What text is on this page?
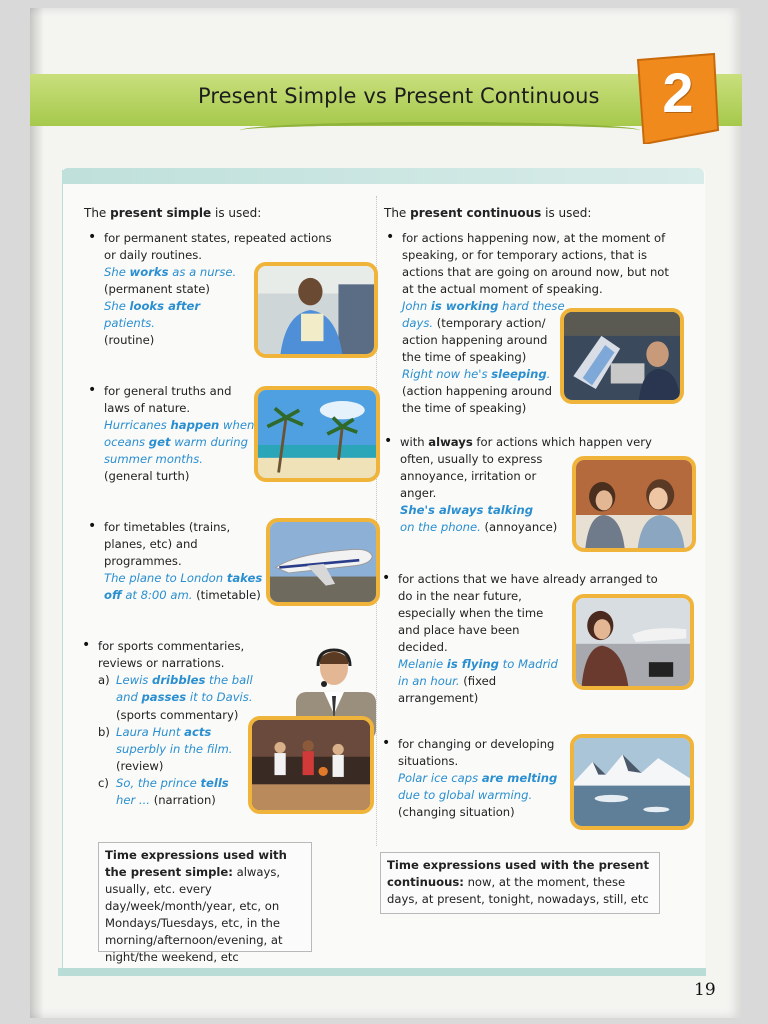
Present Simple vs Present Continuous 2
The present simple is used:
• for permanent states, repeated actions or daily routines.
She works as a nurse.
(permanent state)
She looks after
patients.
(routine)
• for general truths and laws of nature.
Hurricanes happen when
oceans get warm during
summer months.
(general turth)
• for timetables (trains,
planes, etc) and
programmes.
The plane to London takes
off at 8:00 am. (timetable)
• for sports commentaries,
reviews or narrations.
a) Lewis dribbles the ball
and passes it to Davis.
(sports commentary)
b) Laura Hunt acts
superbly in the film.
(review)
c) So, the prince tells
her ... (narration)
Time expressions used with the present simple: always, usually, etc. every day/week/month/year, etc, on Mondays/Tuesdays, etc, in the morning/afternoon/evening, at night/the weekend, etc
The present continuous is used:
• for actions happening now, at the moment of
speaking, or for temporary actions, that is
actions that are going on around now, but not
at the actual moment of speaking.
John is working hard these
days. (temporary action/
action happening around
the time of speaking)
Right now he's sleeping.
(action happening around
the time of speaking)
• with always for actions which happen very
often, usually to express
annoyance, irritation or
anger.
She's always talking
on the phone. (annoyance)
• for actions that we have already arranged to
do in the near future,
especially when the time
and place have been
decided.
Melanie is flying to Madrid
in an hour. (fixed
arrangement)
• for changing or developing
situations.
Polar ice caps are melting
due to global warming.
(changing situation)
Time expressions used with the present continuous: now, at the moment, these days, at present, tonight, nowadays, still, etc
19
